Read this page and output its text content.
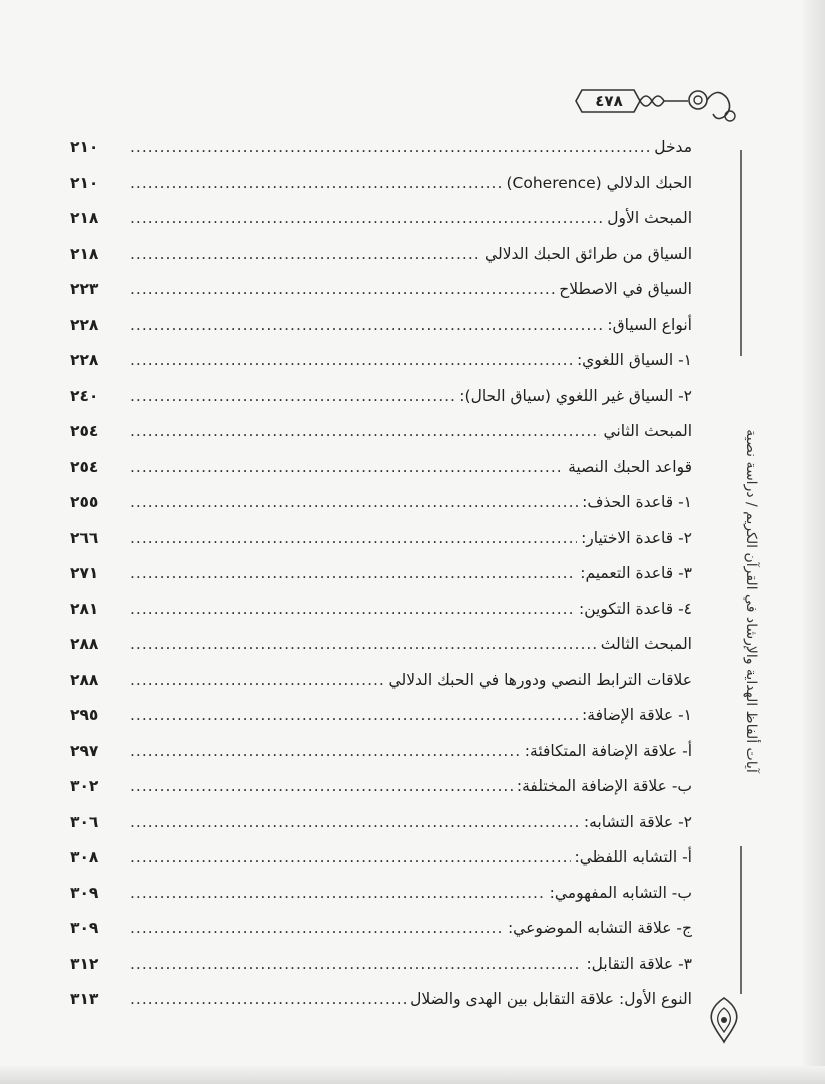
٤٧٨
آيات ألفاظ الهداية والإرشاد في القرآن الكريم / دراسة نصية
مدخل
.....
٢١٠
الحبك الدلالي (Coherence)
.....
٢١٠
المبحث الأول
.....
٢١٨
السياق من طرائق الحبك الدلالي
.....
٢١٨
السياق في الاصطلاح
.....
٢٢٣
أنواع السياق:
.....
٢٢٨
١- السياق اللغوي:
.....
٢٢٨
٢- السياق غير اللغوي (سياق الحال):
.....
٢٤٠
المبحث الثاني
.....
٢٥٤
قواعد الحبك النصية
.....
٢٥٤
١- قاعدة الحذف:
.....
٢٥٥
٢- قاعدة الاختيار:
.....
٢٦٦
٣- قاعدة التعميم:
.....
٢٧١
٤- قاعدة التكوين:
.....
٢٨١
المبحث الثالث
.....
٢٨٨
علاقات الترابط النصي ودورها في الحبك الدلالي
.....
٢٨٨
١- علاقة الإضافة:
.....
٢٩٥
أ- علاقة الإضافة المتكافئة:
.....
٢٩٧
ب- علاقة الإضافة المختلفة:
.....
٣٠٢
٢- علاقة التشابه:
.....
٣٠٦
أ- التشابه اللفظي:
.....
٣٠٨
ب- التشابه المفهومي:
.....
٣٠٩
ج- علاقة التشابه الموضوعي:
.....
٣٠٩
٣- علاقة التقابل:
.....
٣١٢
النوع الأول: علاقة التقابل بين الهدى والضلال
.....
٣١٣
